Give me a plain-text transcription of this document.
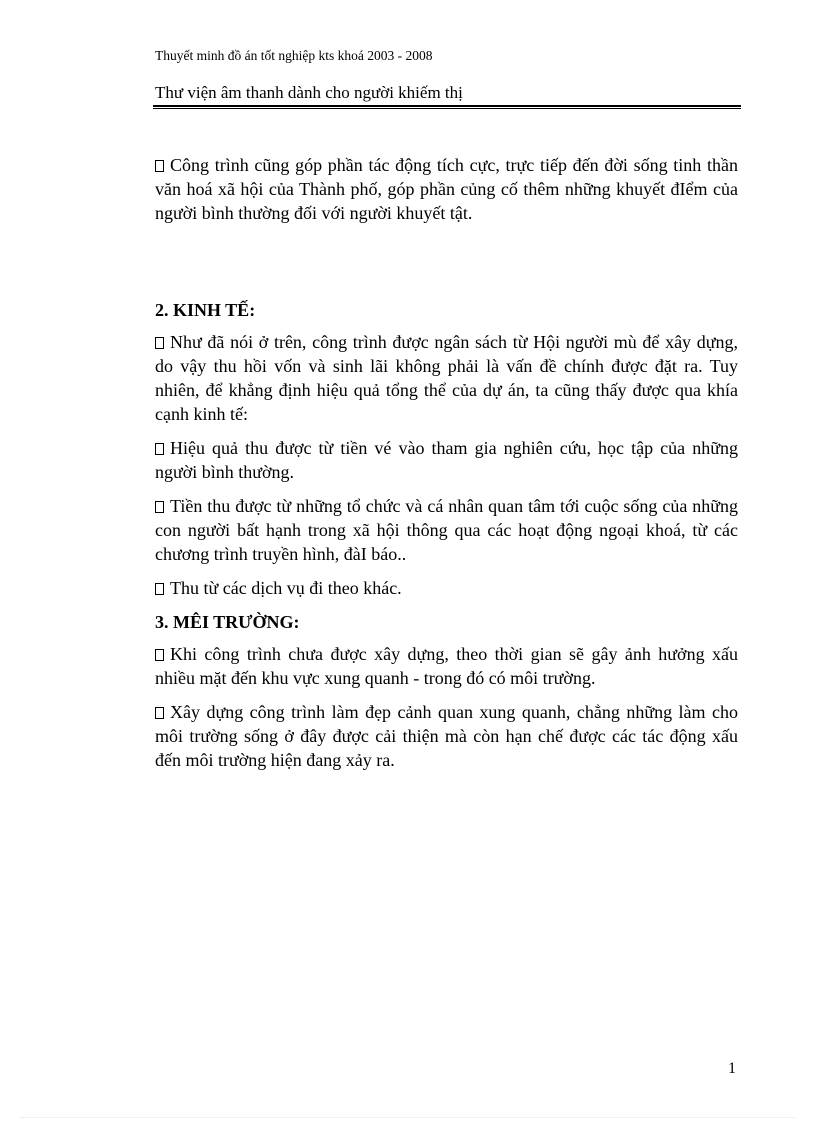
Thuyết minh đồ án tốt nghiệp kts khoá 2003 - 2008
Thư viện âm thanh dành cho người khiếm thị

Công trình cũng góp phần tác động tích cực, trực tiếp đến đời sống tinh thần văn hoá xã hội của Thành phố, góp phần củng cố thêm những khuyết đIểm của người bình thường đối với người khuyết tật.

2. KINH TẾ:

Như đã nói ở trên, công trình được ngân sách từ Hội người mù để xây dựng, do vậy thu hồi vốn và sinh lãi không phải là vấn đề chính được đặt ra. Tuy nhiên, để khẳng định hiệu quả tổng thể của dự án, ta cũng thấy được qua khía cạnh kinh tế:

Hiệu quả thu được từ tiền vé vào tham gia nghiên cứu, học tập của những người bình thường.

Tiền thu được từ những tổ chức và cá nhân quan tâm tới cuộc sống của những con người bất hạnh trong xã hội thông qua các hoạt động ngoại khoá, từ các chương trình truyền hình, đàI báo..

Thu từ các dịch vụ đi theo khác.

3. MÊI TRƯỜNG:

Khi công trình chưa được xây dựng, theo thời gian sẽ gây ảnh hưởng xấu nhiều mặt đến khu vực xung quanh - trong đó có môi trường.

Xây dựng công trình làm đẹp cảnh quan xung quanh, chẳng những làm cho môi trường sống ở đây được cải thiện mà còn hạn chế được các tác động xấu đến môi trường hiện đang xảy ra.

1
